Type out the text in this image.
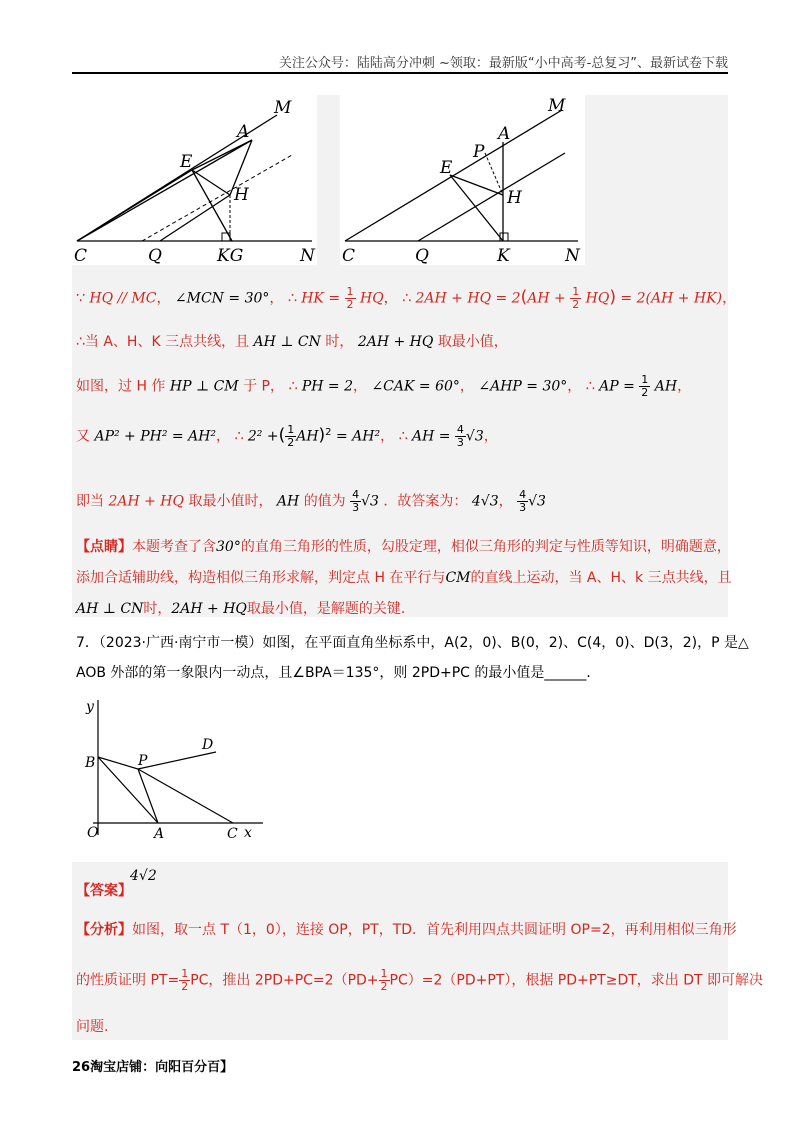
关注公众号：陆陆高分冲刺 ~领取：最新版“小中高考-总复习”、最新试卷下载
M
A
E
H
C	Q	KG	N
M
A
P
E
H
C	Q	K	N
∵ HQ // MC， ∠MCN = 30°， ∴ HK = $\frac{1}{2}$ HQ， ∴ 2AH + HQ = $2(AH + \frac{1}{2} HQ) = 2(AH + HK)$，
∴当 A、H、K 三点共线，且 AH ⊥ CN 时， 2AH + HQ 取最小值，
如图，过 H 作 HP ⊥ CM 于 P， ∴ PH = 2， ∠CAK = 60°， ∠AHP = 30°， ∴ AP = $\frac{1}{2}$ AH，
又 AP² + PH² = AH²， ∴ 2² +( $\frac{1}{2} AH)^2 = AH^2$， ∴ AH = $\frac{4}{3} √3$，
即当 2AH + HQ 取最小值时， AH 的值为 $\frac{4}{3} √3$ ．故答案为： 4√3， $\frac{4}{3} √3$
【点睛】本题考查了含30°的直角三角形的性质，勾股定理，相似三角形的判定与性质等知识，明确题意，
添加合适辅助线，构造相似三角形求解，判定点 H 在平行与CM的直线上运动，当 A、H、k 三点共线，且
AH ⊥ CN时，2AH + HQ取最小值，是解题的关键．
7．（2023·广西·南宁市一模）如图，在平面直角坐标系中，A(2，0)、B(0，2)、C(4，0)、D(3，2)，P 是△
AOB 外部的第一象限内一动点，且∠BPA＝135°，则 2PD+PC 的最小值是______．
y
B	P
D
O	A	C x
【答案】
4√2
【分析】如图，取一点 T（1，0），连接 OP，PT，TD．首先利用四点共圆证明 OP=2，再利用相似三角形
的性质证明 $PT= \frac{1}{2}$ PC，推出 $2PD+PC=2(PD+ \frac{1}{2} PC)=2(PD+PT)$，根据 PD+PT≥DT，求出 DT 即可解决
问题.
26淘宝店铺：向阳百分百】
